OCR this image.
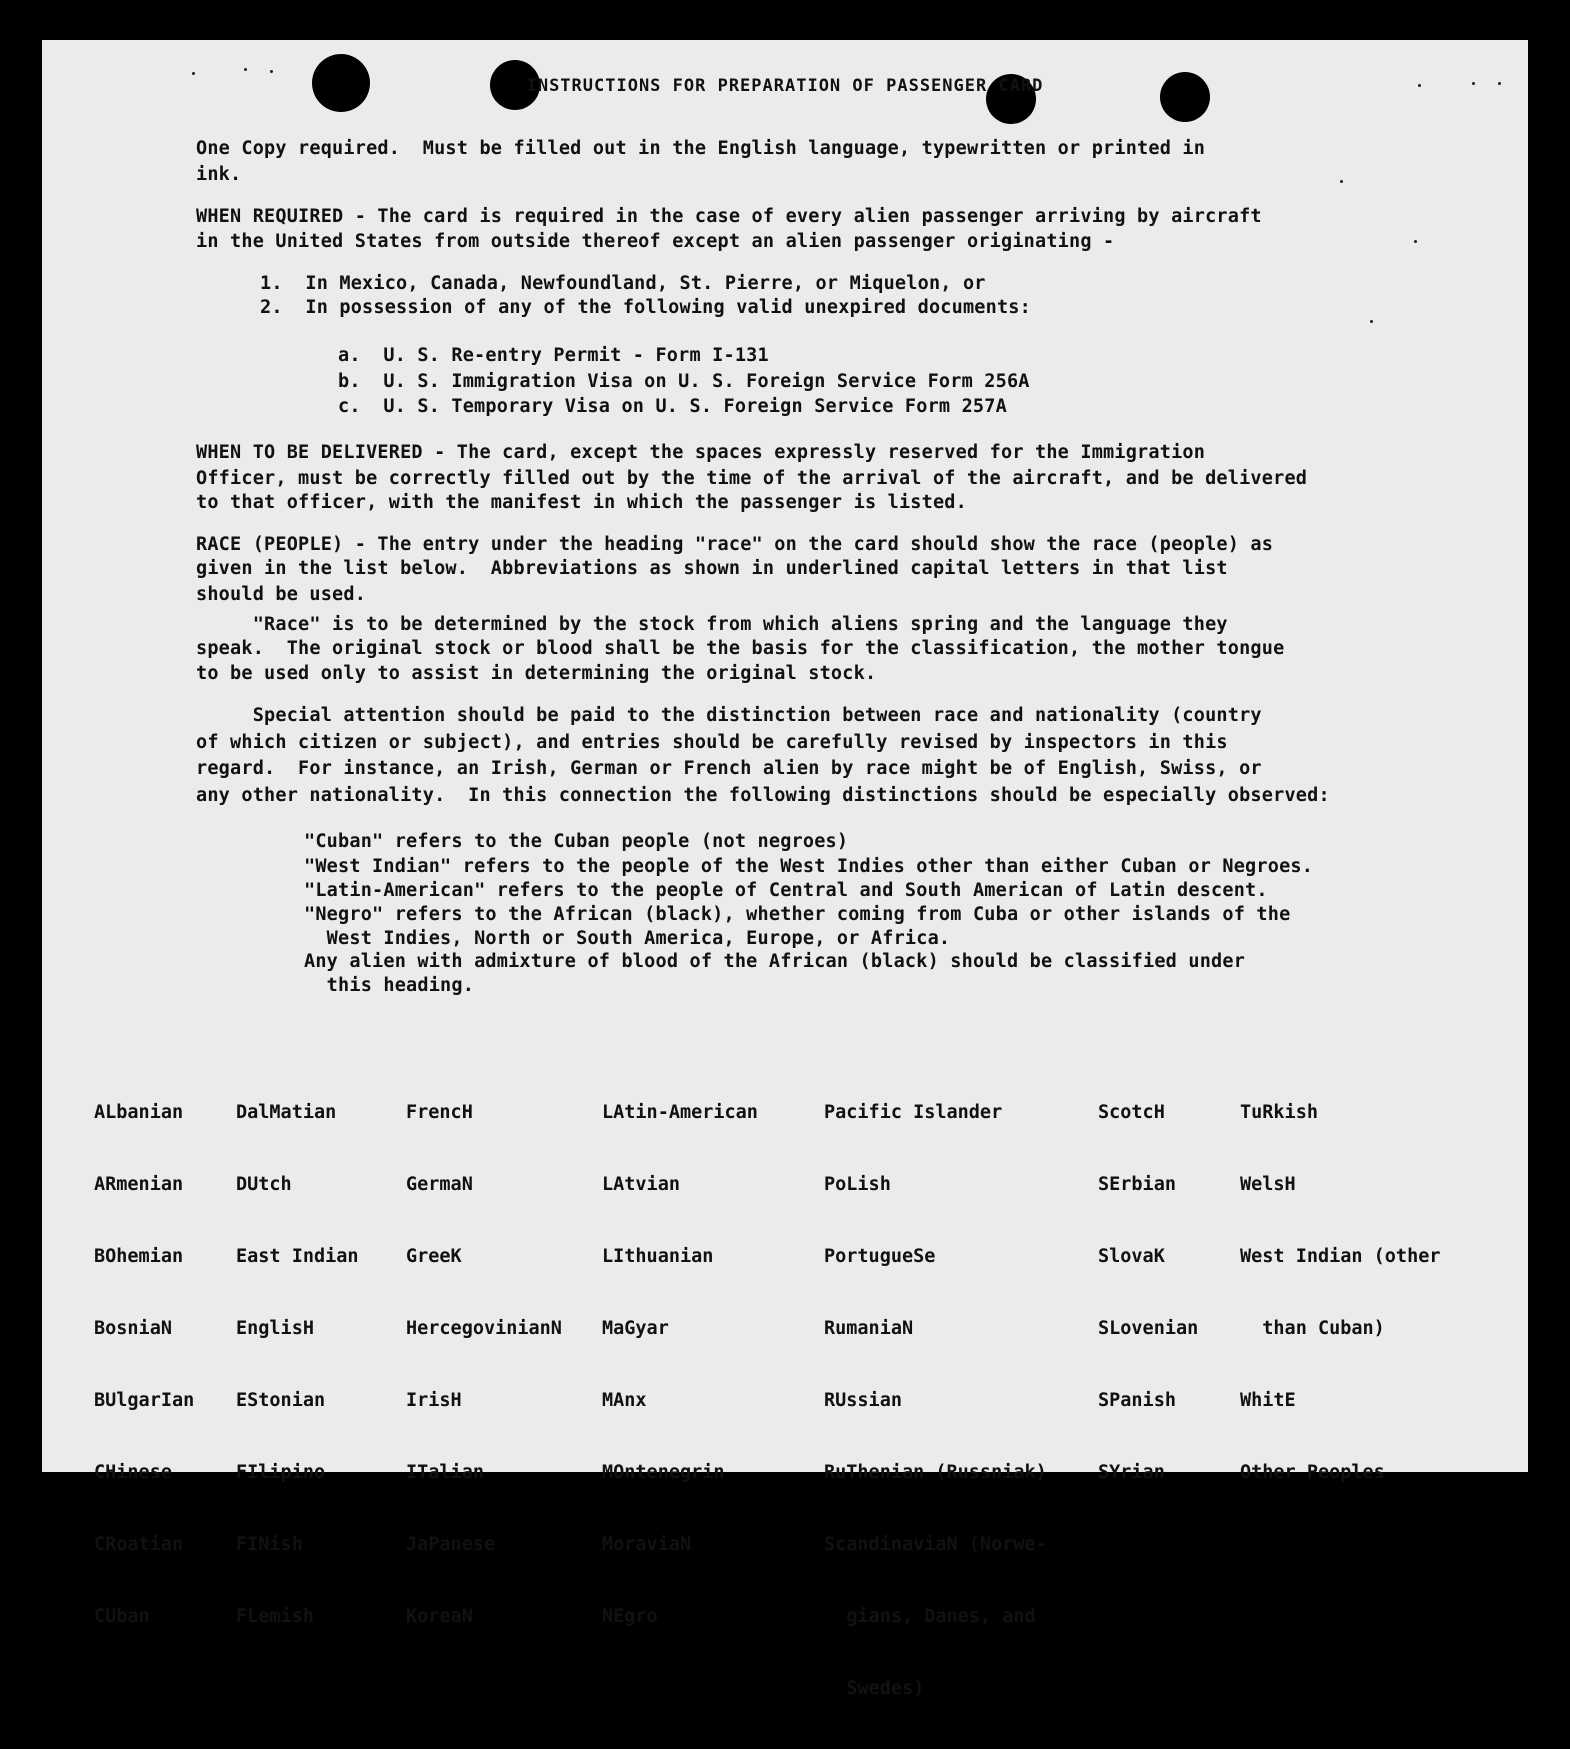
INSTRUCTIONS FOR PREPARATION OF PASSENGER CARD
One Copy required.  Must be filled out in the English language, typewritten or printed in
ink.
WHEN REQUIRED - The card is required in the case of every alien passenger arriving by aircraft
in the United States from outside thereof except an alien passenger originating -
1.  In Mexico, Canada, Newfoundland, St. Pierre, or Miquelon, or
2.  In possession of any of the following valid unexpired documents:
a.  U. S. Re-entry Permit - Form I-131
b.  U. S. Immigration Visa on U. S. Foreign Service Form 256A
c.  U. S. Temporary Visa on U. S. Foreign Service Form 257A
WHEN TO BE DELIVERED - The card, except the spaces expressly reserved for the Immigration
Officer, must be correctly filled out by the time of the arrival of the aircraft, and be delivered
to that officer, with the manifest in which the passenger is listed.
RACE (PEOPLE) - The entry under the heading "race" on the card should show the race (people) as
given in the list below.  Abbreviations as shown in underlined capital letters in that list
should be used.
"Race" is to be determined by the stock from which aliens spring and the language they
speak.  The original stock or blood shall be the basis for the classification, the mother tongue
to be used only to assist in determining the original stock.
Special attention should be paid to the distinction between race and nationality (country
of which citizen or subject), and entries should be carefully revised by inspectors in this
regard.  For instance, an Irish, German or French alien by race might be of English, Swiss, or
any other nationality.  In this connection the following distinctions should be especially observed:
"Cuban" refers to the Cuban people (not negroes)
"West Indian" refers to the people of the West Indies other than either Cuban or Negroes.
"Latin-American" refers to the people of Central and South American of Latin descent.
"Negro" refers to the African (black), whether coming from Cuba or other islands of the
West Indies, North or South America, Europe, or Africa.
Any alien with admixture of blood of the African (black) should be classified under
this heading.

ALbanian

ARmenian

BOhemian

BosniaN

BUlgarIan

CHinese

CRoatian

CUban

DalMatian

DUtch

East Indian

EnglisH

EStonian

FIlipino

FINish

FLemish

FrencH

GermaN

GreeK

HercegovinianN

IrisH

ITalian

JaPanese

KoreaN

LAtin-American

LAtvian

LIthuanian

MaGyar

MAnx

MOntenegrin

MoraviaN

NEgro

Pacific Islander

PoLish

PortugueSe

RumaniaN

RUssian

RuThenian (Russniak)

ScandinaviaN (Norwe-

gians, Danes, and

Swedes)

ScotcH

SErbian

SlovaK

SLovenian

SPanish

SYrian

TuRkish

WelsH

West Indian (other

than Cuban)

WhitE

Other Peoples
